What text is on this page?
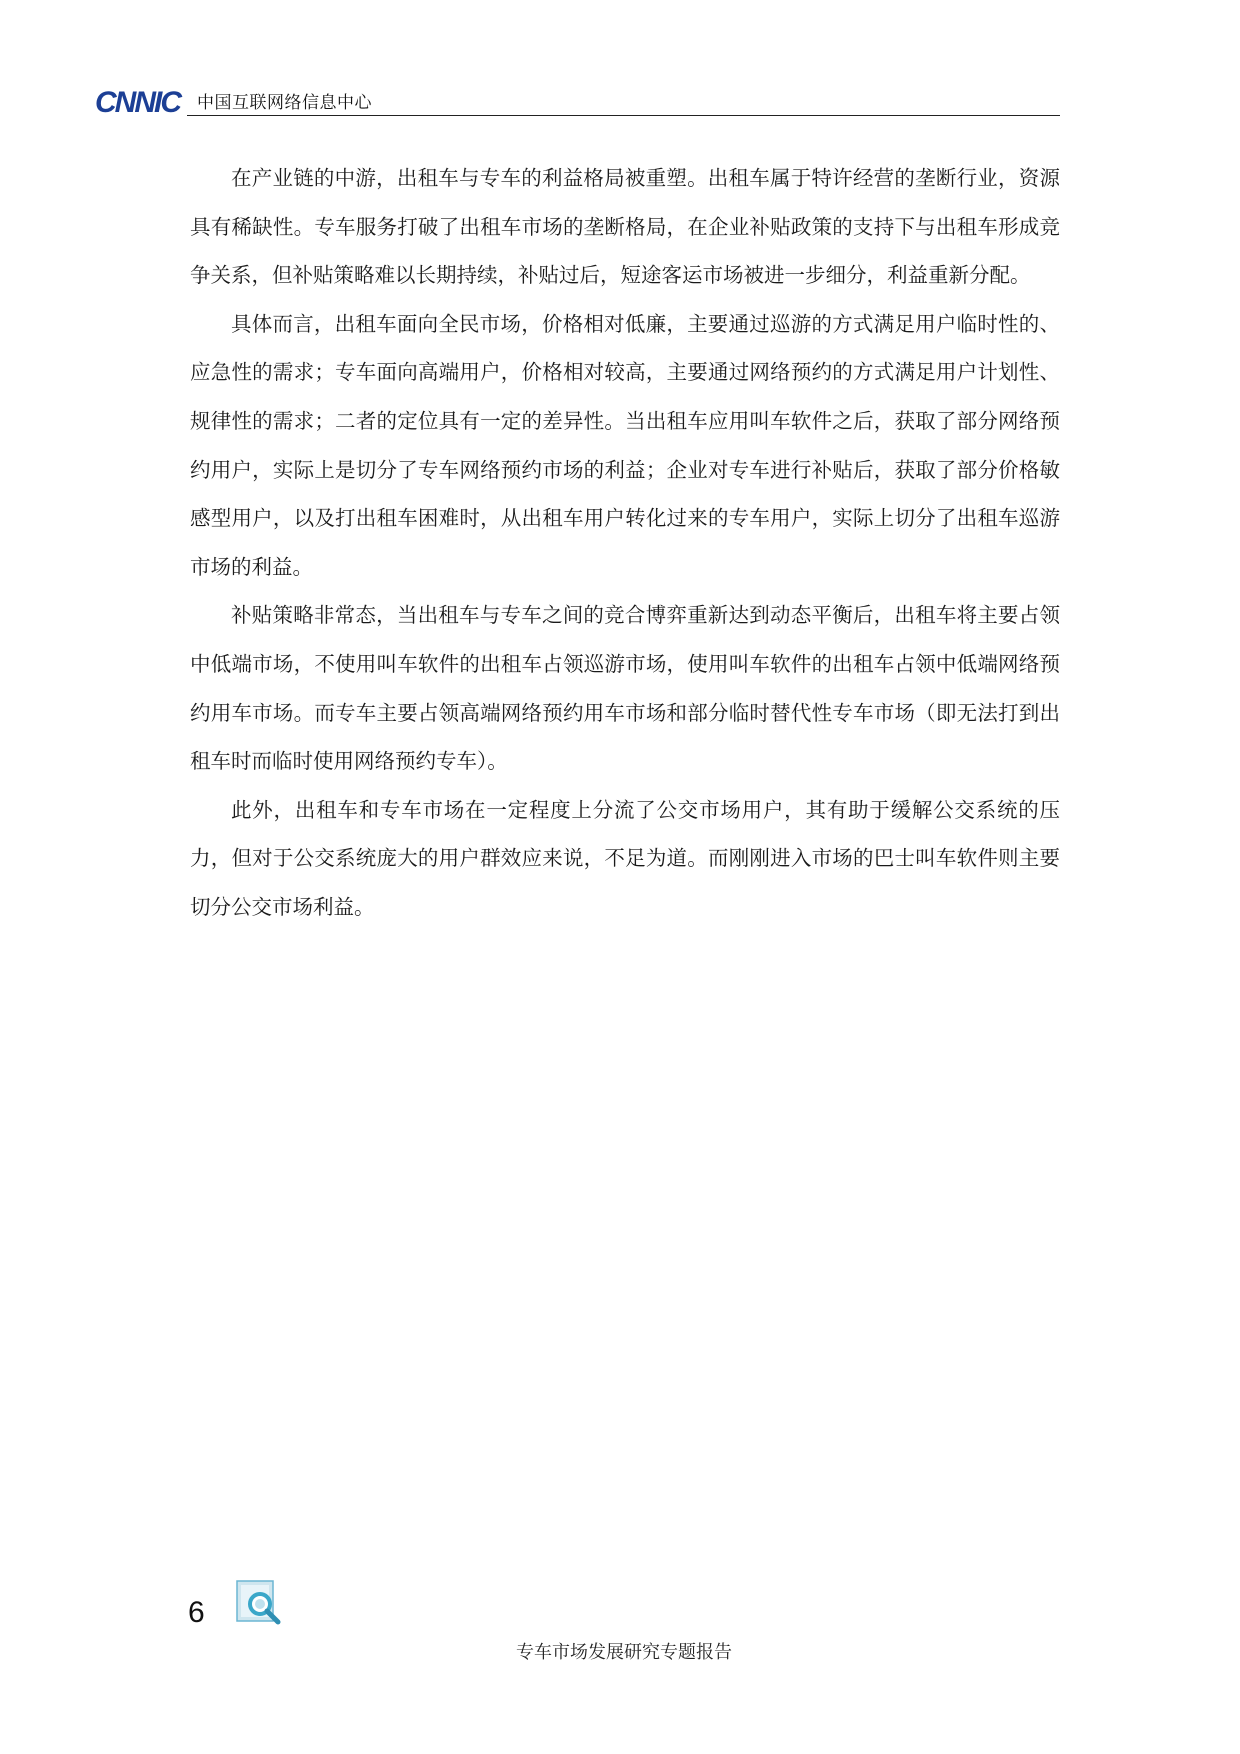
CNNIC 中国互联网络信息中心

在产业链的中游，出租车与专车的利益格局被重塑。出租车属于特许经营的垄断行业，资源具有稀缺性。专车服务打破了出租车市场的垄断格局，在企业补贴政策的支持下与出租车形成竞争关系，但补贴策略难以长期持续，补贴过后，短途客运市场被进一步细分，利益重新分配。

具体而言，出租车面向全民市场，价格相对低廉，主要通过巡游的方式满足用户临时性的、应急性的需求；专车面向高端用户，价格相对较高，主要通过网络预约的方式满足用户计划性、规律性的需求；二者的定位具有一定的差异性。当出租车应用叫车软件之后，获取了部分网络预约用户，实际上是切分了专车网络预约市场的利益；企业对专车进行补贴后，获取了部分价格敏感型用户，以及打出租车困难时，从出租车用户转化过来的专车用户，实际上切分了出租车巡游市场的利益。

补贴策略非常态，当出租车与专车之间的竞合博弈重新达到动态平衡后，出租车将主要占领中低端市场，不使用叫车软件的出租车占领巡游市场，使用叫车软件的出租车占领中低端网络预约用车市场。而专车主要占领高端网络预约用车市场和部分临时替代性专车市场（即无法打到出租车时而临时使用网络预约专车）。

此外，出租车和专车市场在一定程度上分流了公交市场用户，其有助于缓解公交系统的压力，但对于公交系统庞大的用户群效应来说，不足为道。而刚刚进入市场的巴士叫车软件则主要切分公交市场利益。

6
专车市场发展研究专题报告
